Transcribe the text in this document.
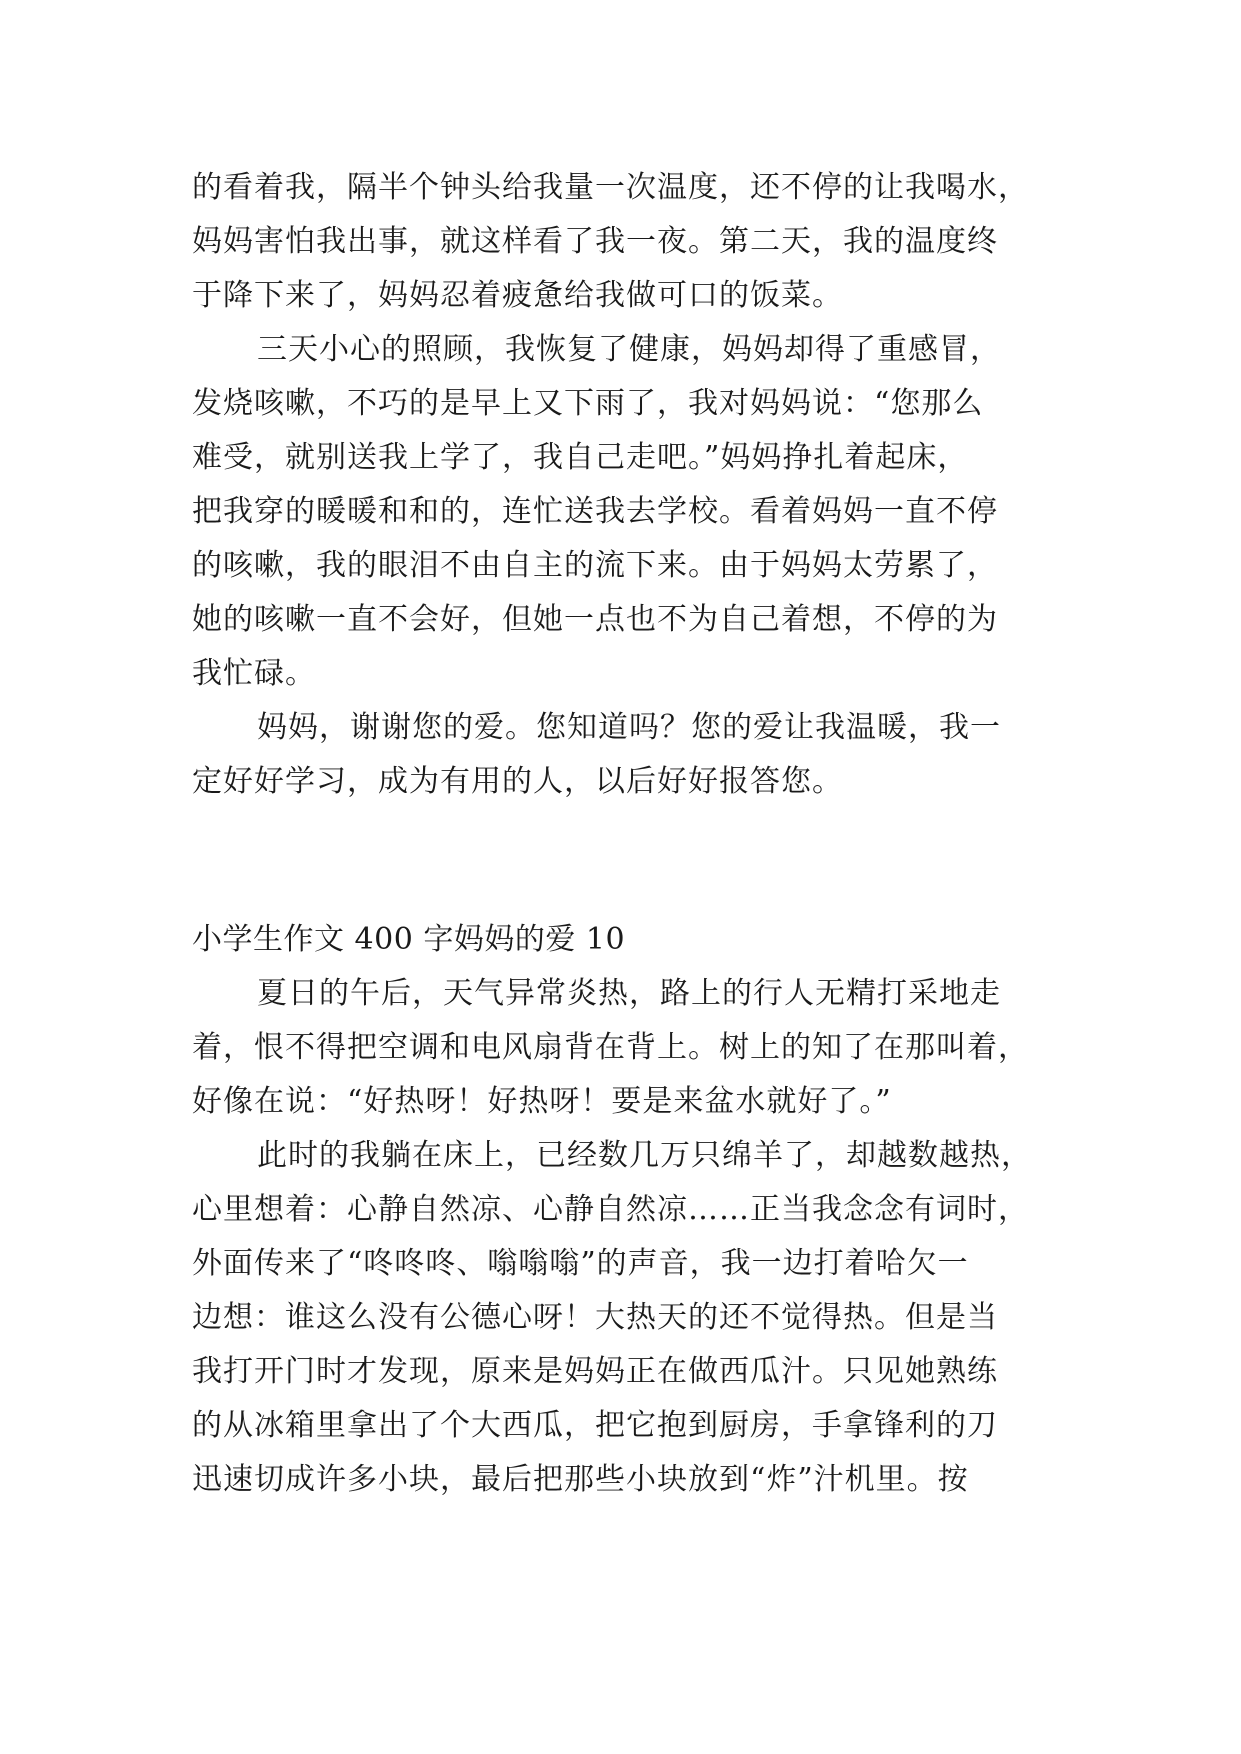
的看着我，隔半个钟头给我量一次温度，还不停的让我喝水，
妈妈害怕我出事，就这样看了我一夜。第二天，我的温度终
于降下来了，妈妈忍着疲惫给我做可口的饭菜。
三天小心的照顾，我恢复了健康，妈妈却得了重感冒，
发烧咳嗽，不巧的是早上又下雨了，我对妈妈说：“您那么
难受，就别送我上学了，我自己走吧。”妈妈挣扎着起床，
把我穿的暖暖和和的，连忙送我去学校。看着妈妈一直不停
的咳嗽，我的眼泪不由自主的流下来。由于妈妈太劳累了，
她的咳嗽一直不会好，但她一点也不为自己着想，不停的为
我忙碌。
妈妈，谢谢您的爱。您知道吗？您的爱让我温暖，我一
定好好学习，成为有用的人，以后好好报答您。
小学生作文 400 字妈妈的爱 10
夏日的午后，天气异常炎热，路上的行人无精打采地走
着，恨不得把空调和电风扇背在背上。树上的知了在那叫着，
好像在说：“好热呀！好热呀！要是来盆水就好了。”
此时的我躺在床上，已经数几万只绵羊了，却越数越热，
心里想着：心静自然凉、心静自然凉……正当我念念有词时，
外面传来了“咚咚咚、嗡嗡嗡”的声音，我一边打着哈欠一
边想：谁这么没有公德心呀！大热天的还不觉得热。但是当
我打开门时才发现，原来是妈妈正在做西瓜汁。只见她熟练
的从冰箱里拿出了个大西瓜，把它抱到厨房，手拿锋利的刀
迅速切成许多小块，最后把那些小块放到“炸”汁机里。按
